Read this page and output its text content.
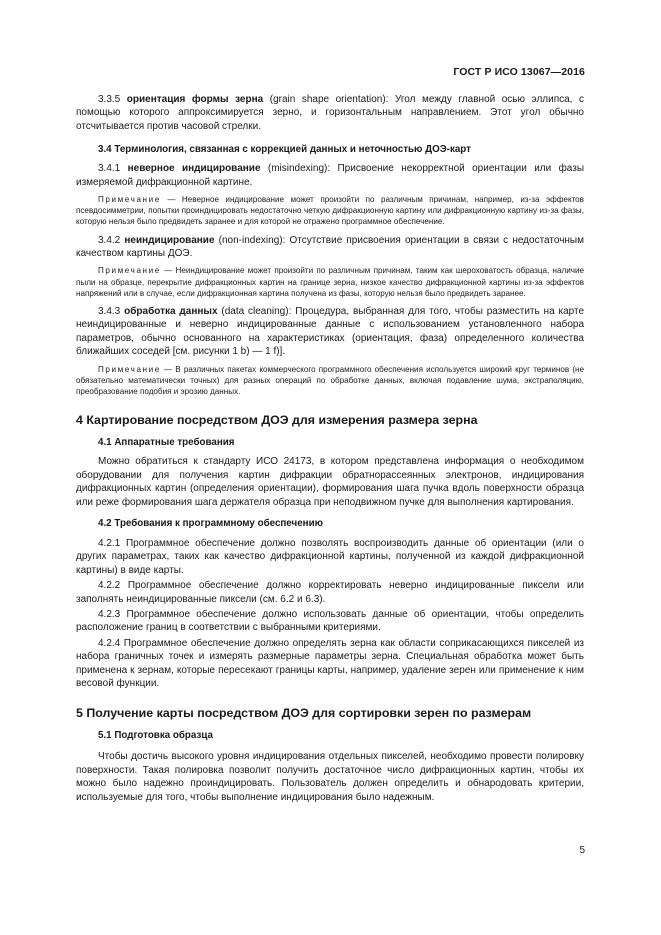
ГОСТ Р ИСО 13067—2016

3.3.5 ориентация формы зерна (grain shape orientation): Угол между главной осью эллипса, с помощью которого аппроксимируется зерно, и горизонтальным направлением. Этот угол обычно отсчитывается против часовой стрелки.

3.4 Терминология, связанная с коррекцией данных и неточностью ДОЭ-карт

3.4.1 неверное индицирование (misindexing): Присвоение некорректной ориентации или фазы измеряемой дифракционной картине.

Примечание — Неверное индицирование может произойти по различным причинам, например, из-за эффектов псевдосимметрии, попытки проиндицировать недостаточно четкую дифракционную картину или дифракционную картину из-за фазы, которую нельзя было предвидеть заранее и для которой не отражено программное обеспечение.

3.4.2 неиндицирование (non-indexing): Отсутствие присвоения ориентации в связи с недостаточным качеством картины ДОЭ.

Примечание — Неиндицирование может произойти по различным причинам, таким как шероховатость образца, наличие пыли на образце, перекрытие дифракционных картин на границе зерна, низкое качество дифракционной картины из-за эффектов напряжений или в случае, если дифракционная картина получена из фазы, которую нельзя было предвидеть заранее.

3.4.3 обработка данных (data cleaning): Процедура, выбранная для того, чтобы разместить на карте неиндицированные и неверно индицированные данные с использованием установленного набора параметров, обычно основанного на характеристиках (ориентация, фаза) определенного количества ближайших соседей [см. рисунки 1 b) — 1 f)].

Примечание — В различных пакетах коммерческого программного обеспечения используется широкий круг терминов (не обязательно математически точных) для разных операций по обработке данных, включая подавление шума, экстраполяцию, преобразование подобия и эрозию данных.

4 Картирование посредством ДОЭ для измерения размера зерна

4.1 Аппаратные требования

Можно обратиться к стандарту ИСО 24173, в котором представлена информация о необходимом оборудовании для получения картин дифракции обратнорассеянных электронов, индицирования дифракционных картин (определения ориентации), формирования шага пучка вдоль поверхности образца или реже формирования шага держателя образца при неподвижном пучке для выполнения картирования.

4.2 Требования к программному обеспечению

4.2.1 Программное обеспечение должно позволять воспроизводить данные об ориентации (или о других параметрах, таких как качество дифракционной картины, полученной из каждой дифракционной картины) в виде карты.

4.2.2 Программное обеспечение должно корректировать неверно индицированные пиксели или заполнять неиндицированные пиксели (см. 6.2 и 6.3).

4.2.3 Программное обеспечение должно использовать данные об ориентации, чтобы определить расположение границ в соответствии с выбранными критериями.

4.2.4 Программное обеспечение должно определять зерна как области соприкасающихся пикселей из набора граничных точек и измерять размерные параметры зерна. Специальная обработка может быть применена к зернам, которые пересекают границы карты, например, удаление зерен или применение к ним весовой функции.

5 Получение карты посредством ДОЭ для сортировки зерен по размерам

5.1 Подготовка образца

Чтобы достичь высокого уровня индицирования отдельных пикселей, необходимо провести полировку поверхности. Такая полировка позволит получить достаточное число дифракционных картин, чтобы их можно было надежно проиндицировать. Пользователь должен определить и обнародовать критерии, используемые для того, чтобы выполнение индицирования было надежным.

5
